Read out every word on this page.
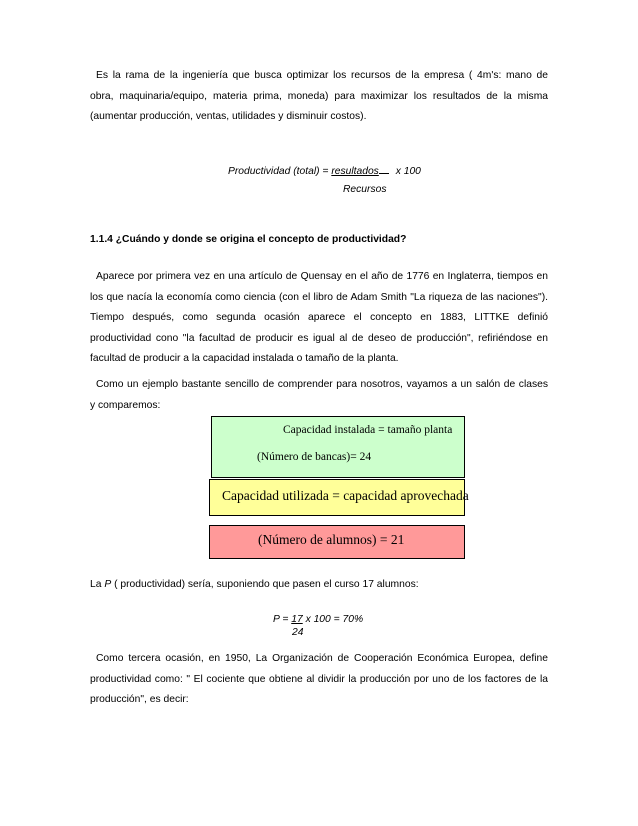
Es la rama de la ingeniería que busca optimizar los recursos de la empresa ( 4m's: mano de
obra, maquinaria/equipo, materia prima, moneda) para maximizar los resultados de la misma
(aumentar producción, ventas, utilidades y disminuir costos).

Productividad (total) = resultados x 100
Recursos
1.1.4 ¿Cuándo y donde se origina el concepto de productividad?

Aparece por primera vez en una artículo de Quensay en el año de 1776 en Inglaterra, tiempos en
los que nacía la economía como ciencia (con el libro de Adam Smith "La riqueza de las naciones").
Tiempo después, como segunda ocasión aparece el concepto en 1883, LITTKE definió
productividad cono "la facultad de producir es igual al de deseo de producción", refiriéndose en
facultad de producir a la capacidad instalada o tamaño de la planta.

Como un ejemplo bastante sencillo de comprender para nosotros, vayamos a un salón de clases
y comparemos:

Capacidad instalada = tamaño planta
(Número de bancas)= 24
Capacidad utilizada = capacidad aprovechada
(Número de alumnos) = 21
La P ( productividad) sería, suponiendo que pasen el curso 17 alumnos:
P = 17 x 100 = 70%
24

Como tercera ocasión, en 1950, La Organización de Cooperación Económica Europea, define
productividad como: " El cociente que obtiene al dividir la producción por uno de los factores de la
producción", es decir:
